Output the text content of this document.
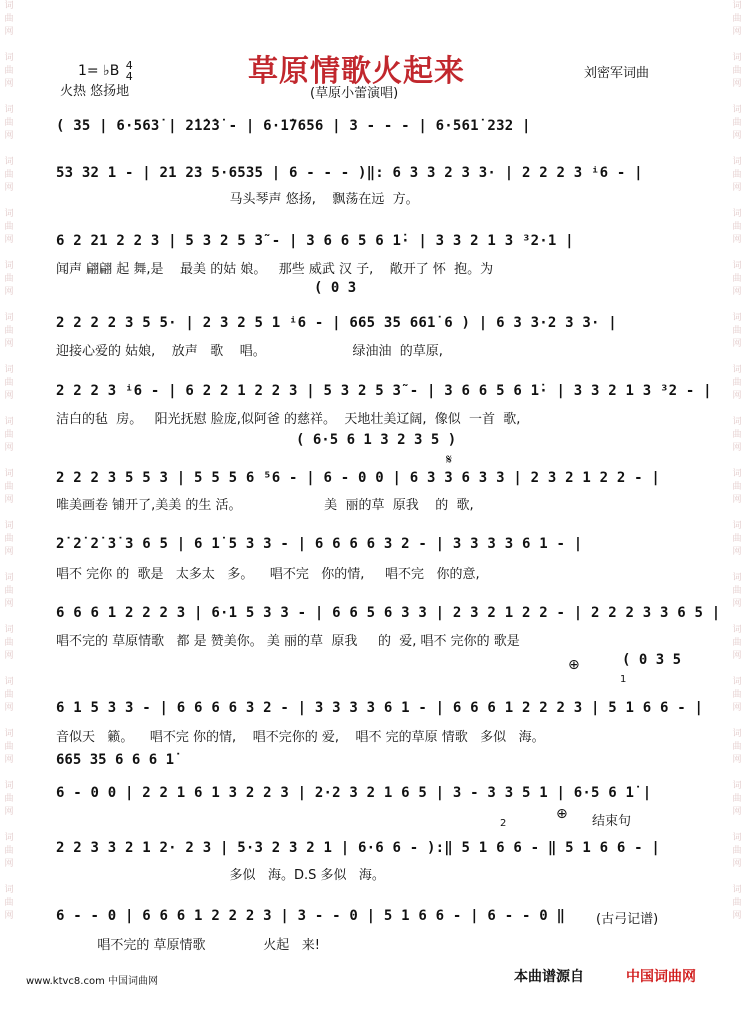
词
曲
网

词
曲
网

词
曲
网

词
曲
网

词
曲
网

词
曲
网

词
曲
网

词
曲
网

词
曲
网

词
曲
网

词
曲
网

词
曲
网

词
曲
网

词
曲
网

词
曲
网

词
曲
网

词
曲
网

词
曲
网
词
曲
网

词
曲
网

词
曲
网

词
曲
网

词
曲
网

词
曲
网

词
曲
网

词
曲
网

词
曲
网

词
曲
网

词
曲
网

词
曲
网

词
曲
网

词
曲
网

词
曲
网

词
曲
网

词
曲
网

词
曲
网
1= ♭B 4
4
火热 悠扬地
草原情歌火起来
(草原小蕾演唱)
刘密军词曲
( 35 | 6·563̇ | 2̇1̇2̇3̇ - | 6·1̇7656 | 3 - - - | 6·561̇ 232 |
53 32 1 - | 21 23 5·6535 | 6 - - - )‖: 6 3 3 2 3 3· | 2 2 2 3 ⁱ6 - |
马头琴声 悠扬,    飘荡在远  方。
6 2 21 2 2 3 | 5 3 2 5 3̃ - | 3 6 6 5 6 1̇· | 3 3 2 1 3 ³2·1 |
闻声 翩翩 起 舞,是    最美 的姑 娘。   那些 威武 汉 子,    敞开了 怀  抱。为
( 0 3
2 2 2 2 3 5 5· | 2 3 2 5 1 ⁱ6 - | 665 35 661̇ 6 ) | 6 3 3·2 3 3· |
迎接心爱的 姑娘,    放声   歌    唱。                     绿油油  的草原,
2 2 2 3 ⁱ6 - | 6 2 2 1 2 2 3 | 5 3 2 5 3̃ - | 3 6 6 5 6 1̇· | 3 3 2 1 3 ³2 - |
洁白的毡  房。   阳光抚慰 脸庞,似阿爸 的慈祥。  天地壮美辽阔,  像似  一首  歌,
( 6·5 6 1 3 2 3 5 )
𝄋
2 2 2 3 5 5 3 | 5 5 5 6 ⁵6 - | 6 - 0 0 | 6 3 3 6 3 3 | 2 3 2 1 2 2 - |
唯美画卷 铺开了,美美 的生 活。                    美  丽的草  原我    的  歌,
2̇ 2̇ 2̇ 3̇ 3 6 5 | 6 1̇ 5 3 3 - | 6 6 6 6 3 2 - | 3 3 3 3 6 1 - |
唱不 完你 的  歌是   太多太   多。    唱不完   你的情,     唱不完   你的意,
6 6 6 1 2 2 2 3 | 6·1 5 3 3 - | 6 6 5 6 3 3 | 2 3 2 1 2 2 - | 2 2 2 3 3 6 5 |
唱不完的 草原情歌   都 是 赞美你。 美 丽的草  原我     的  爱, 唱不 完你的 歌是
⊕	( 0 3 5
1
6 1 5 3 3 - | 6 6 6 6 3 2 - | 3 3 3 3 6 1 - | 6 6 6 1 2 2 2 3 | 5 1 6 6 - |
音似天   籁。    唱不完 你的情,    唱不完你的 爱,    唱不 完的草原 情歌   多似   海。
665 35 6 6 6 1̇
6 - 0 0 | 2 2 1 6 1 3 2 2 3 | 2·2 3 2 1 6 5 | 3 - 3 3 5 1 | 6·5 6 1̇ |
⊕ 结束句
2
2 2 3 3 2 1 2· 2 3 | 5·3 2 3 2 1 | 6·6 6 - ):‖ 5 1 6 6 - ‖ 5 1 6 6 - |
多似   海。D.S 多似   海。
6 - - 0 | 6 6 6 1 2 2 2 3 | 3 - - 0 | 5 1 6 6 - | 6 - - 0 ‖	(古弓记谱)
唱不完的 草原情歌              火起   来!
www.ktvc8.com 中国词曲网	本曲谱源自	中国词曲网
